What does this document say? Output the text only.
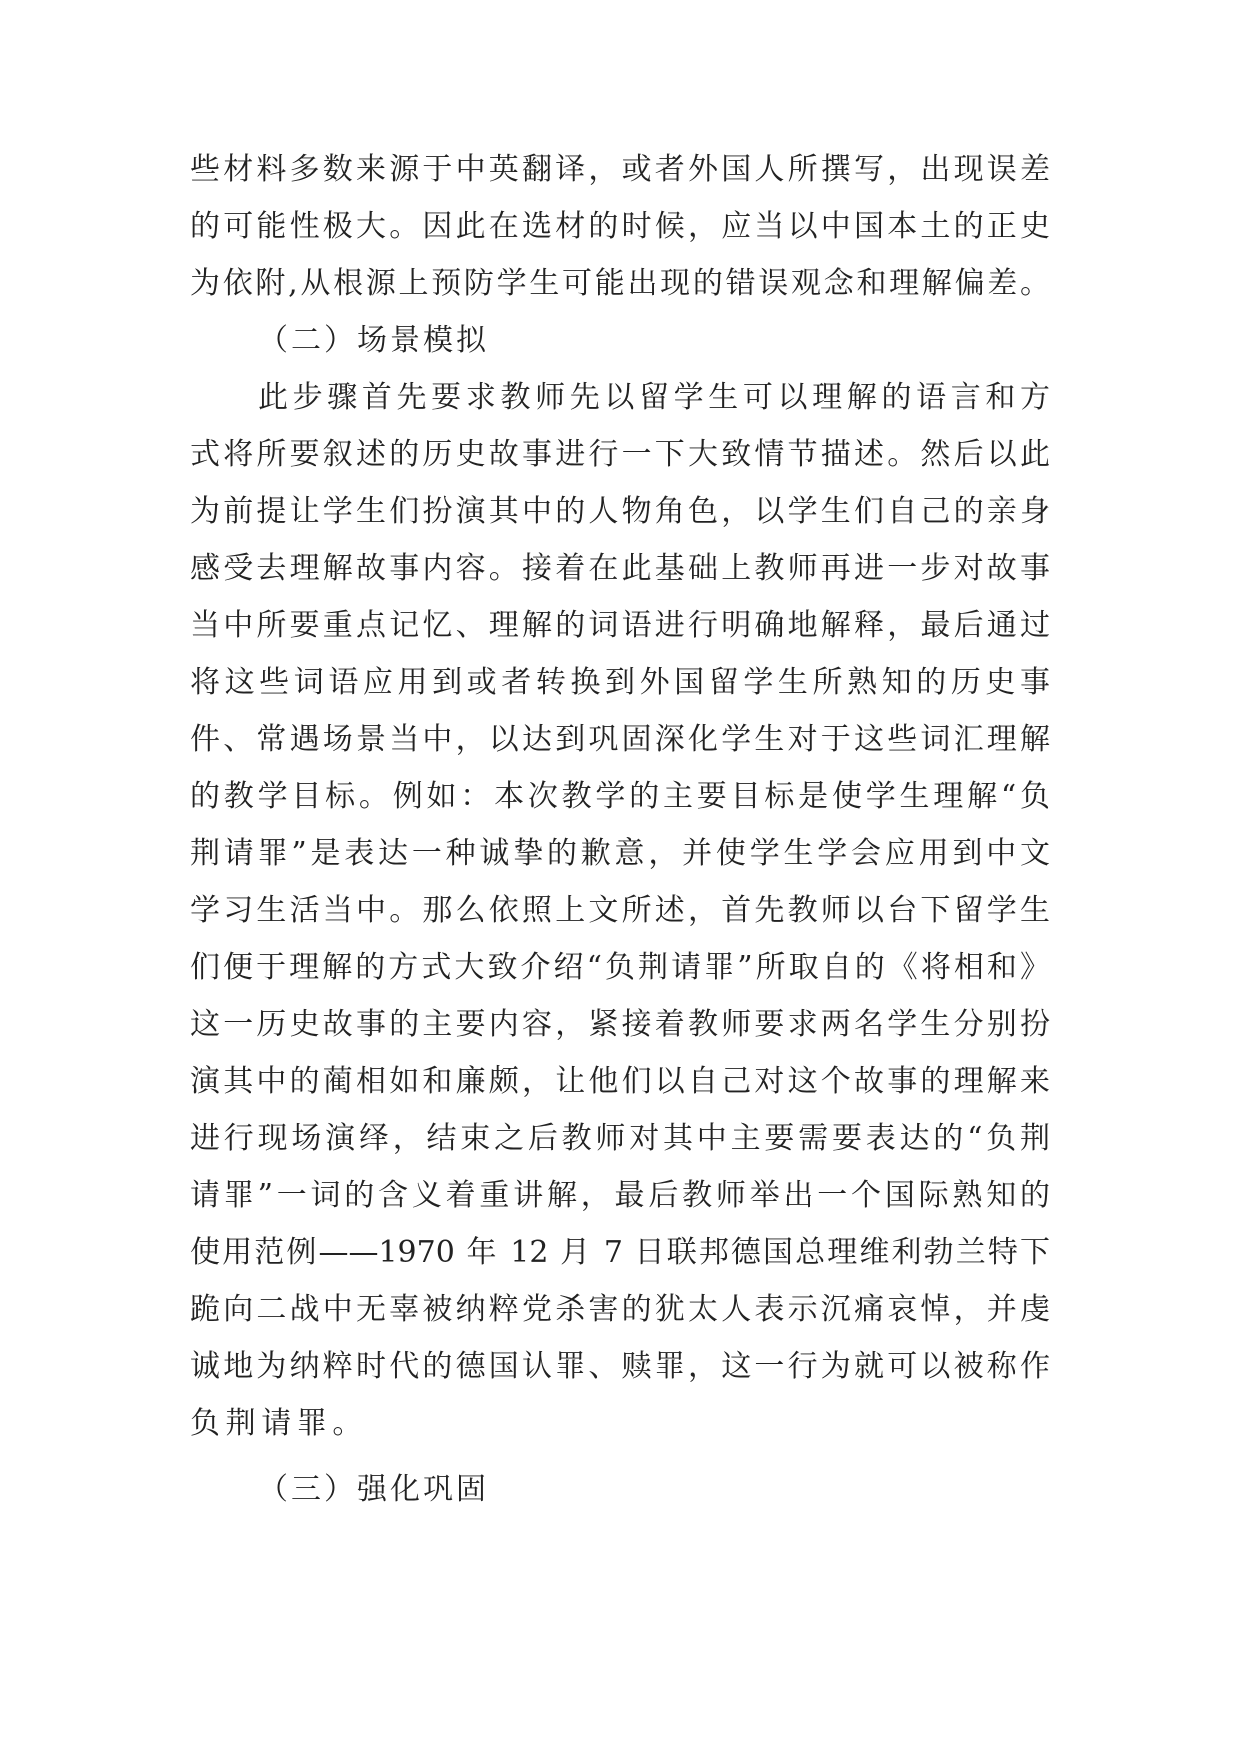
些材料多数来源于中英翻译，或者外国人所撰写，出现误差

的可能性极大。因此在选材的时候，应当以中国本土的正史

为依附,从根源上预防学生可能出现的错误观念和理解偏差。

（二）场景模拟

此步骤首先要求教师先以留学生可以理解的语言和方

式将所要叙述的历史故事进行一下大致情节描述。然后以此

为前提让学生们扮演其中的人物角色，以学生们自己的亲身

感受去理解故事内容。接着在此基础上教师再进一步对故事

当中所要重点记忆、理解的词语进行明确地解释，最后通过

将这些词语应用到或者转换到外国留学生所熟知的历史事

件、常遇场景当中，以达到巩固深化学生对于这些词汇理解

的教学目标。例如：本次教学的主要目标是使学生理解“负

荆请罪”是表达一种诚挚的歉意，并使学生学会应用到中文

学习生活当中。那么依照上文所述，首先教师以台下留学生

们便于理解的方式大致介绍“负荆请罪”所取自的《将相和》

这一历史故事的主要内容，紧接着教师要求两名学生分别扮

演其中的蔺相如和廉颇，让他们以自己对这个故事的理解来

进行现场演绎，结束之后教师对其中主要需要表达的“负荆

请罪”一词的含义着重讲解，最后教师举出一个国际熟知的

使用范例——1970 年 12 月 7 日联邦德国总理维利勃兰特下

跪向二战中无辜被纳粹党杀害的犹太人表示沉痛哀悼，并虔

诚地为纳粹时代的德国认罪、赎罪，这一行为就可以被称作

负荆请罪。

（三）强化巩固
